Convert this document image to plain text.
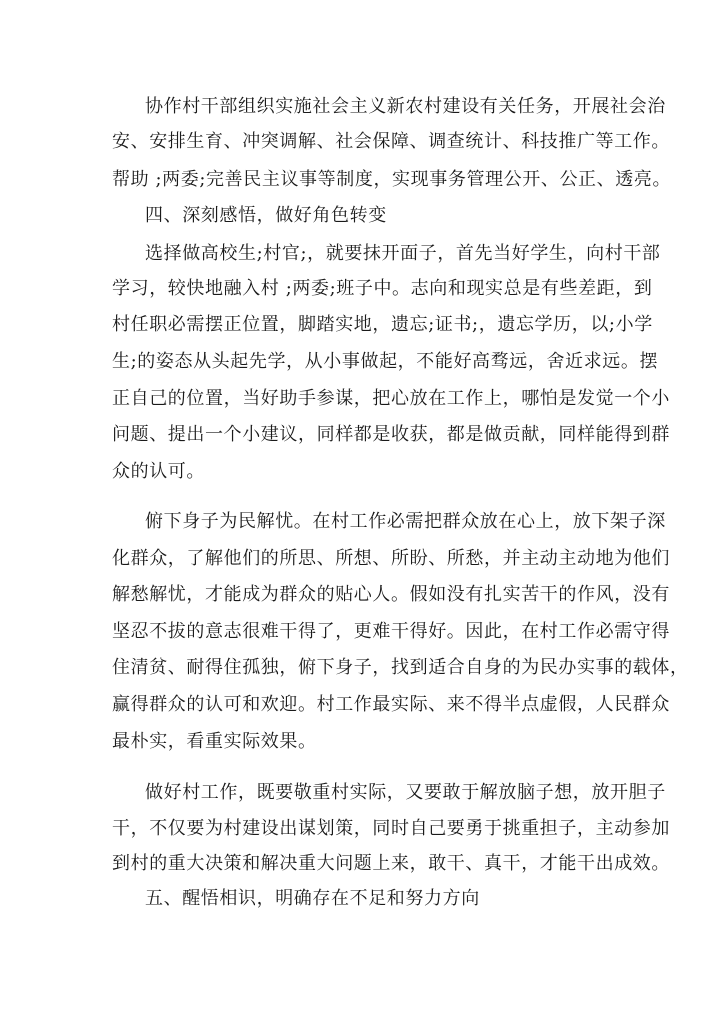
协作村干部组织实施社会主义新农村建设有关任务，开展社会治
安、安排生育、冲突调解、社会保障、调查统计、科技推广等工作。
帮助 ;两委;完善民主议事等制度，实现事务管理公开、公正、透亮。
四、深刻感悟，做好角色转变
选择做高校生;村官;，就要抹开面子，首先当好学生，向村干部
学习，较快地融入村 ;两委;班子中。志向和现实总是有些差距，到
村任职必需摆正位置，脚踏实地，遗忘;证书;，遗忘学历，以;小学
生;的姿态从头起先学，从小事做起，不能好高骛远，舍近求远。摆
正自己的位置，当好助手参谋，把心放在工作上，哪怕是发觉一个小
问题、提出一个小建议，同样都是收获，都是做贡献，同样能得到群
众的认可。
俯下身子为民解忧。在村工作必需把群众放在心上，放下架子深
化群众，了解他们的所思、所想、所盼、所愁，并主动主动地为他们
解愁解忧，才能成为群众的贴心人。假如没有扎实苦干的作风，没有
坚忍不拔的意志很难干得了，更难干得好。因此，在村工作必需守得
住清贫、耐得住孤独，俯下身子，找到适合自身的为民办实事的载体，
赢得群众的认可和欢迎。村工作最实际、来不得半点虚假，人民群众
最朴实，看重实际效果。
做好村工作，既要敬重村实际，又要敢于解放脑子想，放开胆子
干，不仅要为村建设出谋划策，同时自己要勇于挑重担子，主动参加
到村的重大决策和解决重大问题上来，敢干、真干，才能干出成效。
五、醒悟相识，明确存在不足和努力方向
